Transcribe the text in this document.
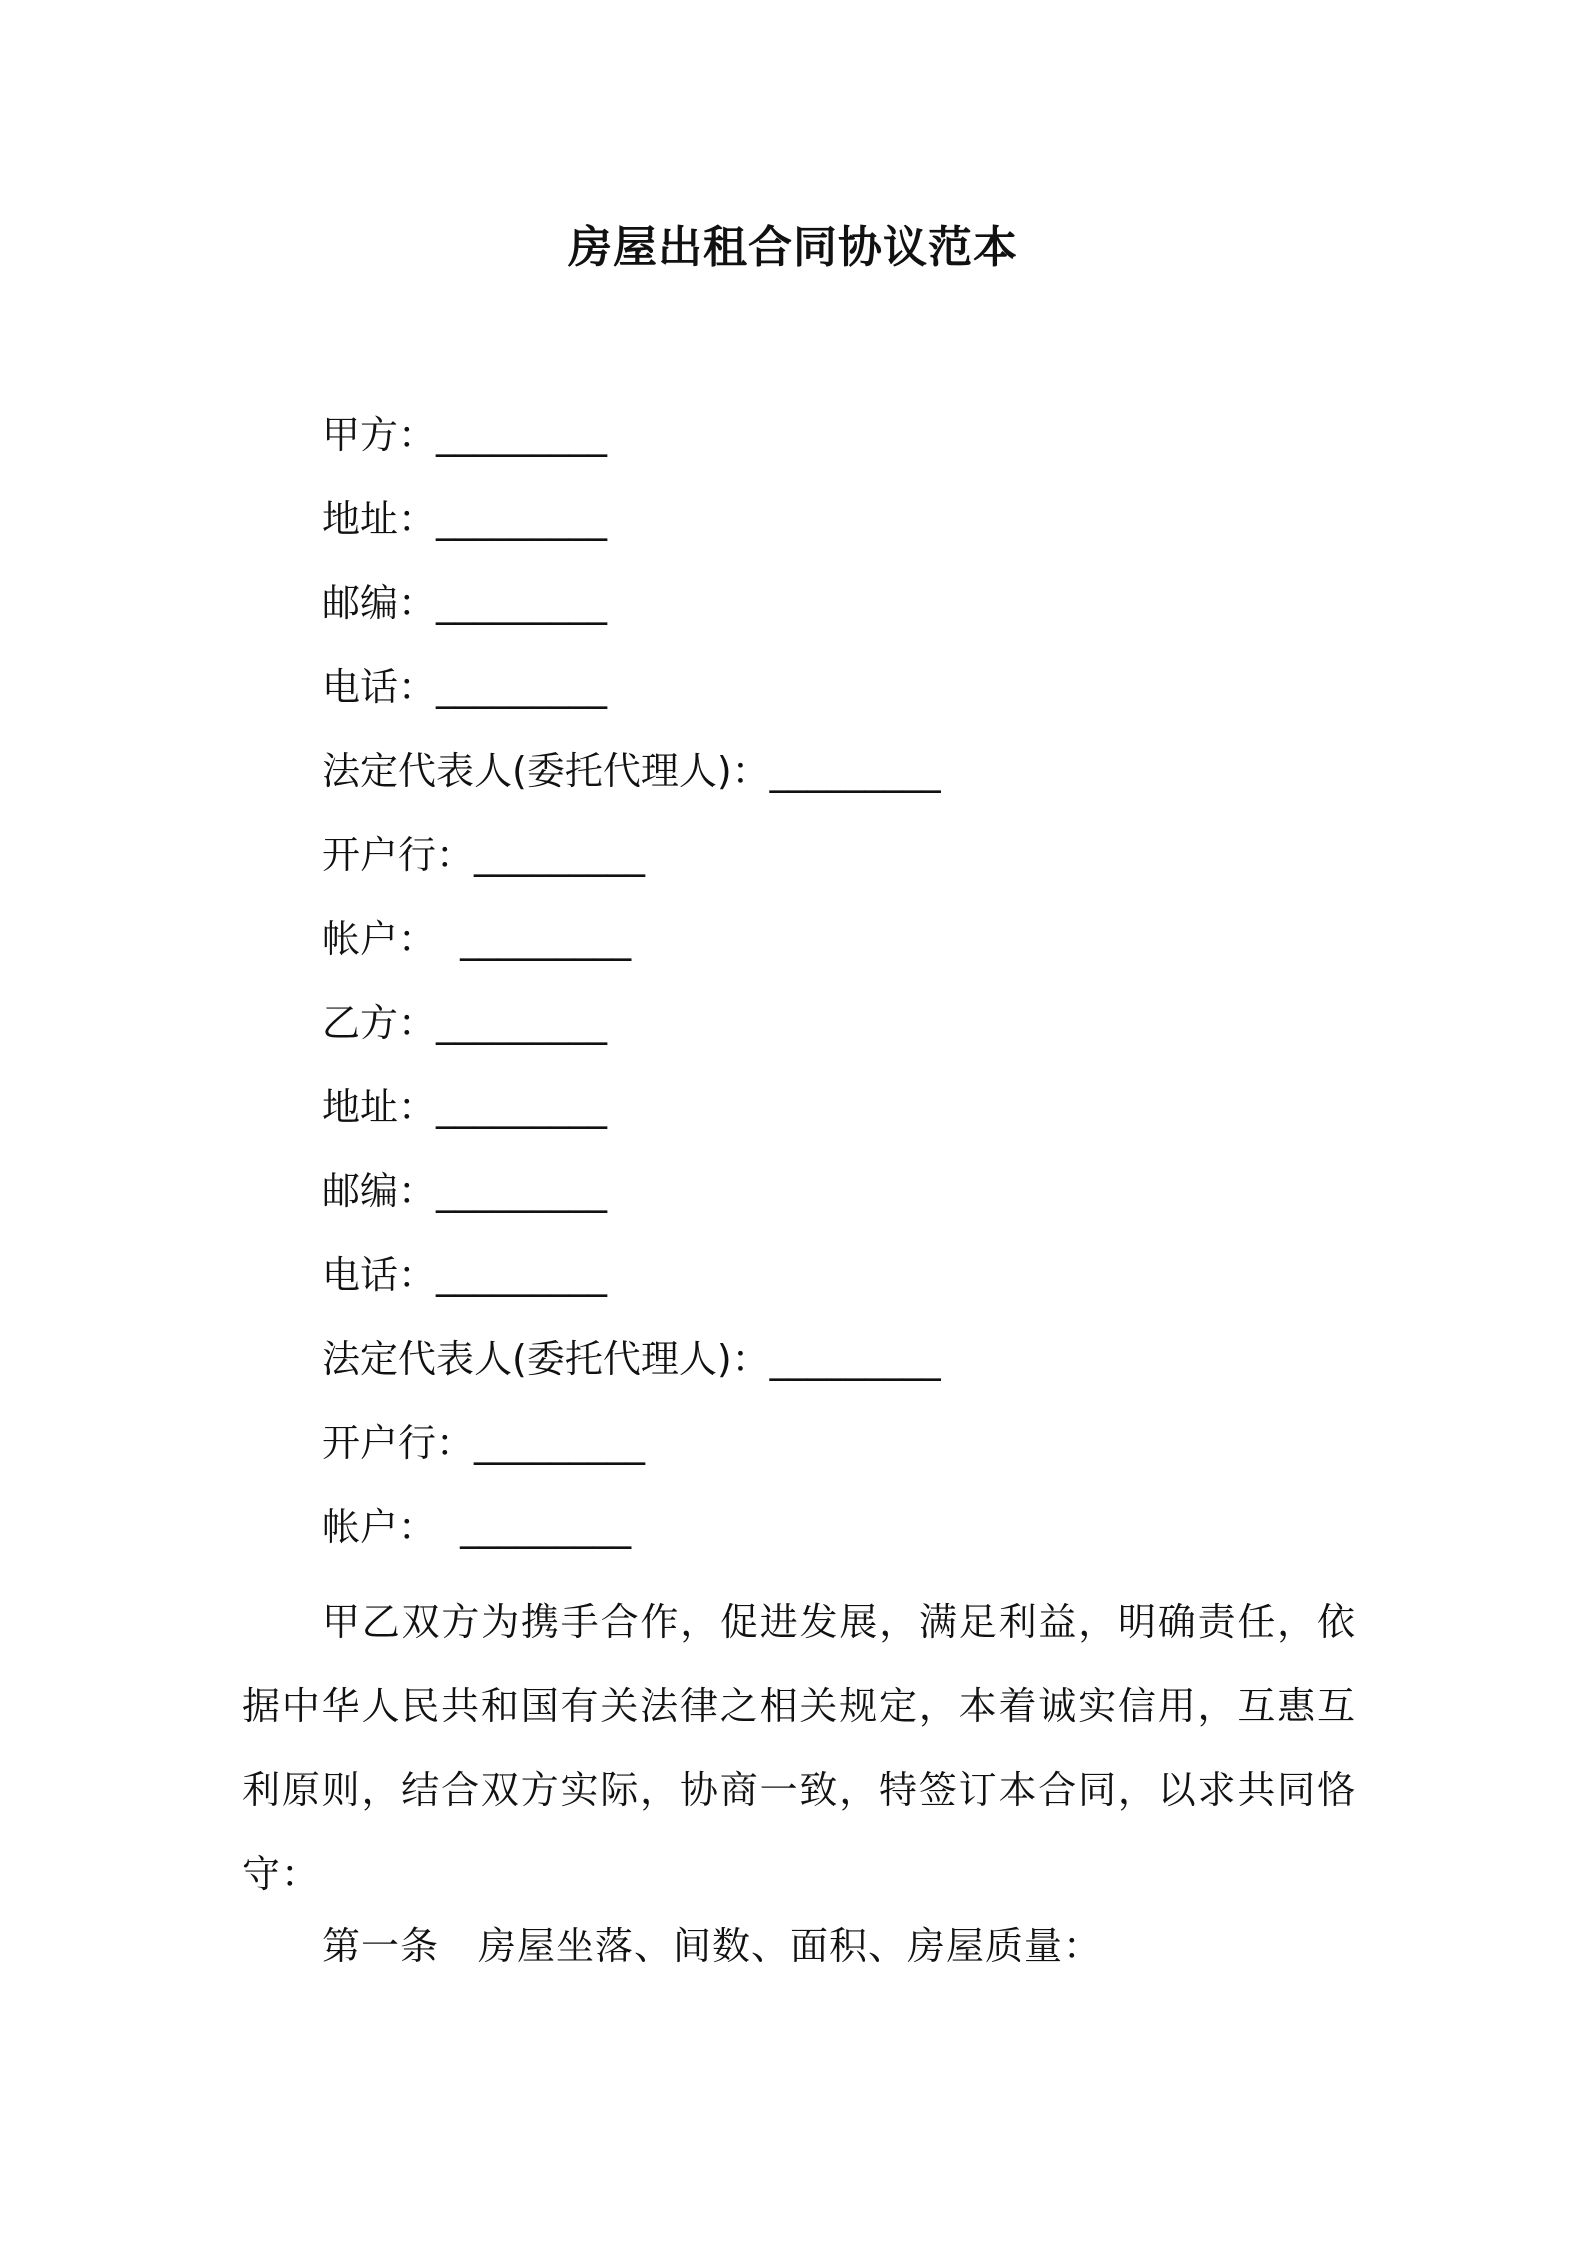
房屋出租合同协议范本
甲方：_________
地址：_________
邮编：_________
电话：_________
法定代表人(委托代理人)：_________
开户行：_________
帐户：  _________
乙方：_________
地址：_________
邮编：_________
电话：_________
法定代表人(委托代理人)：_________
开户行：_________
帐户：  _________
甲乙双方为携手合作，促进发展，满足利益，明确责任，依据中华人民共和国有关法律之相关规定，本着诚实信用，互惠互利原则，结合双方实际，协商一致，特签订本合同，以求共同恪守：
第一条　房屋坐落、间数、面积、房屋质量：
